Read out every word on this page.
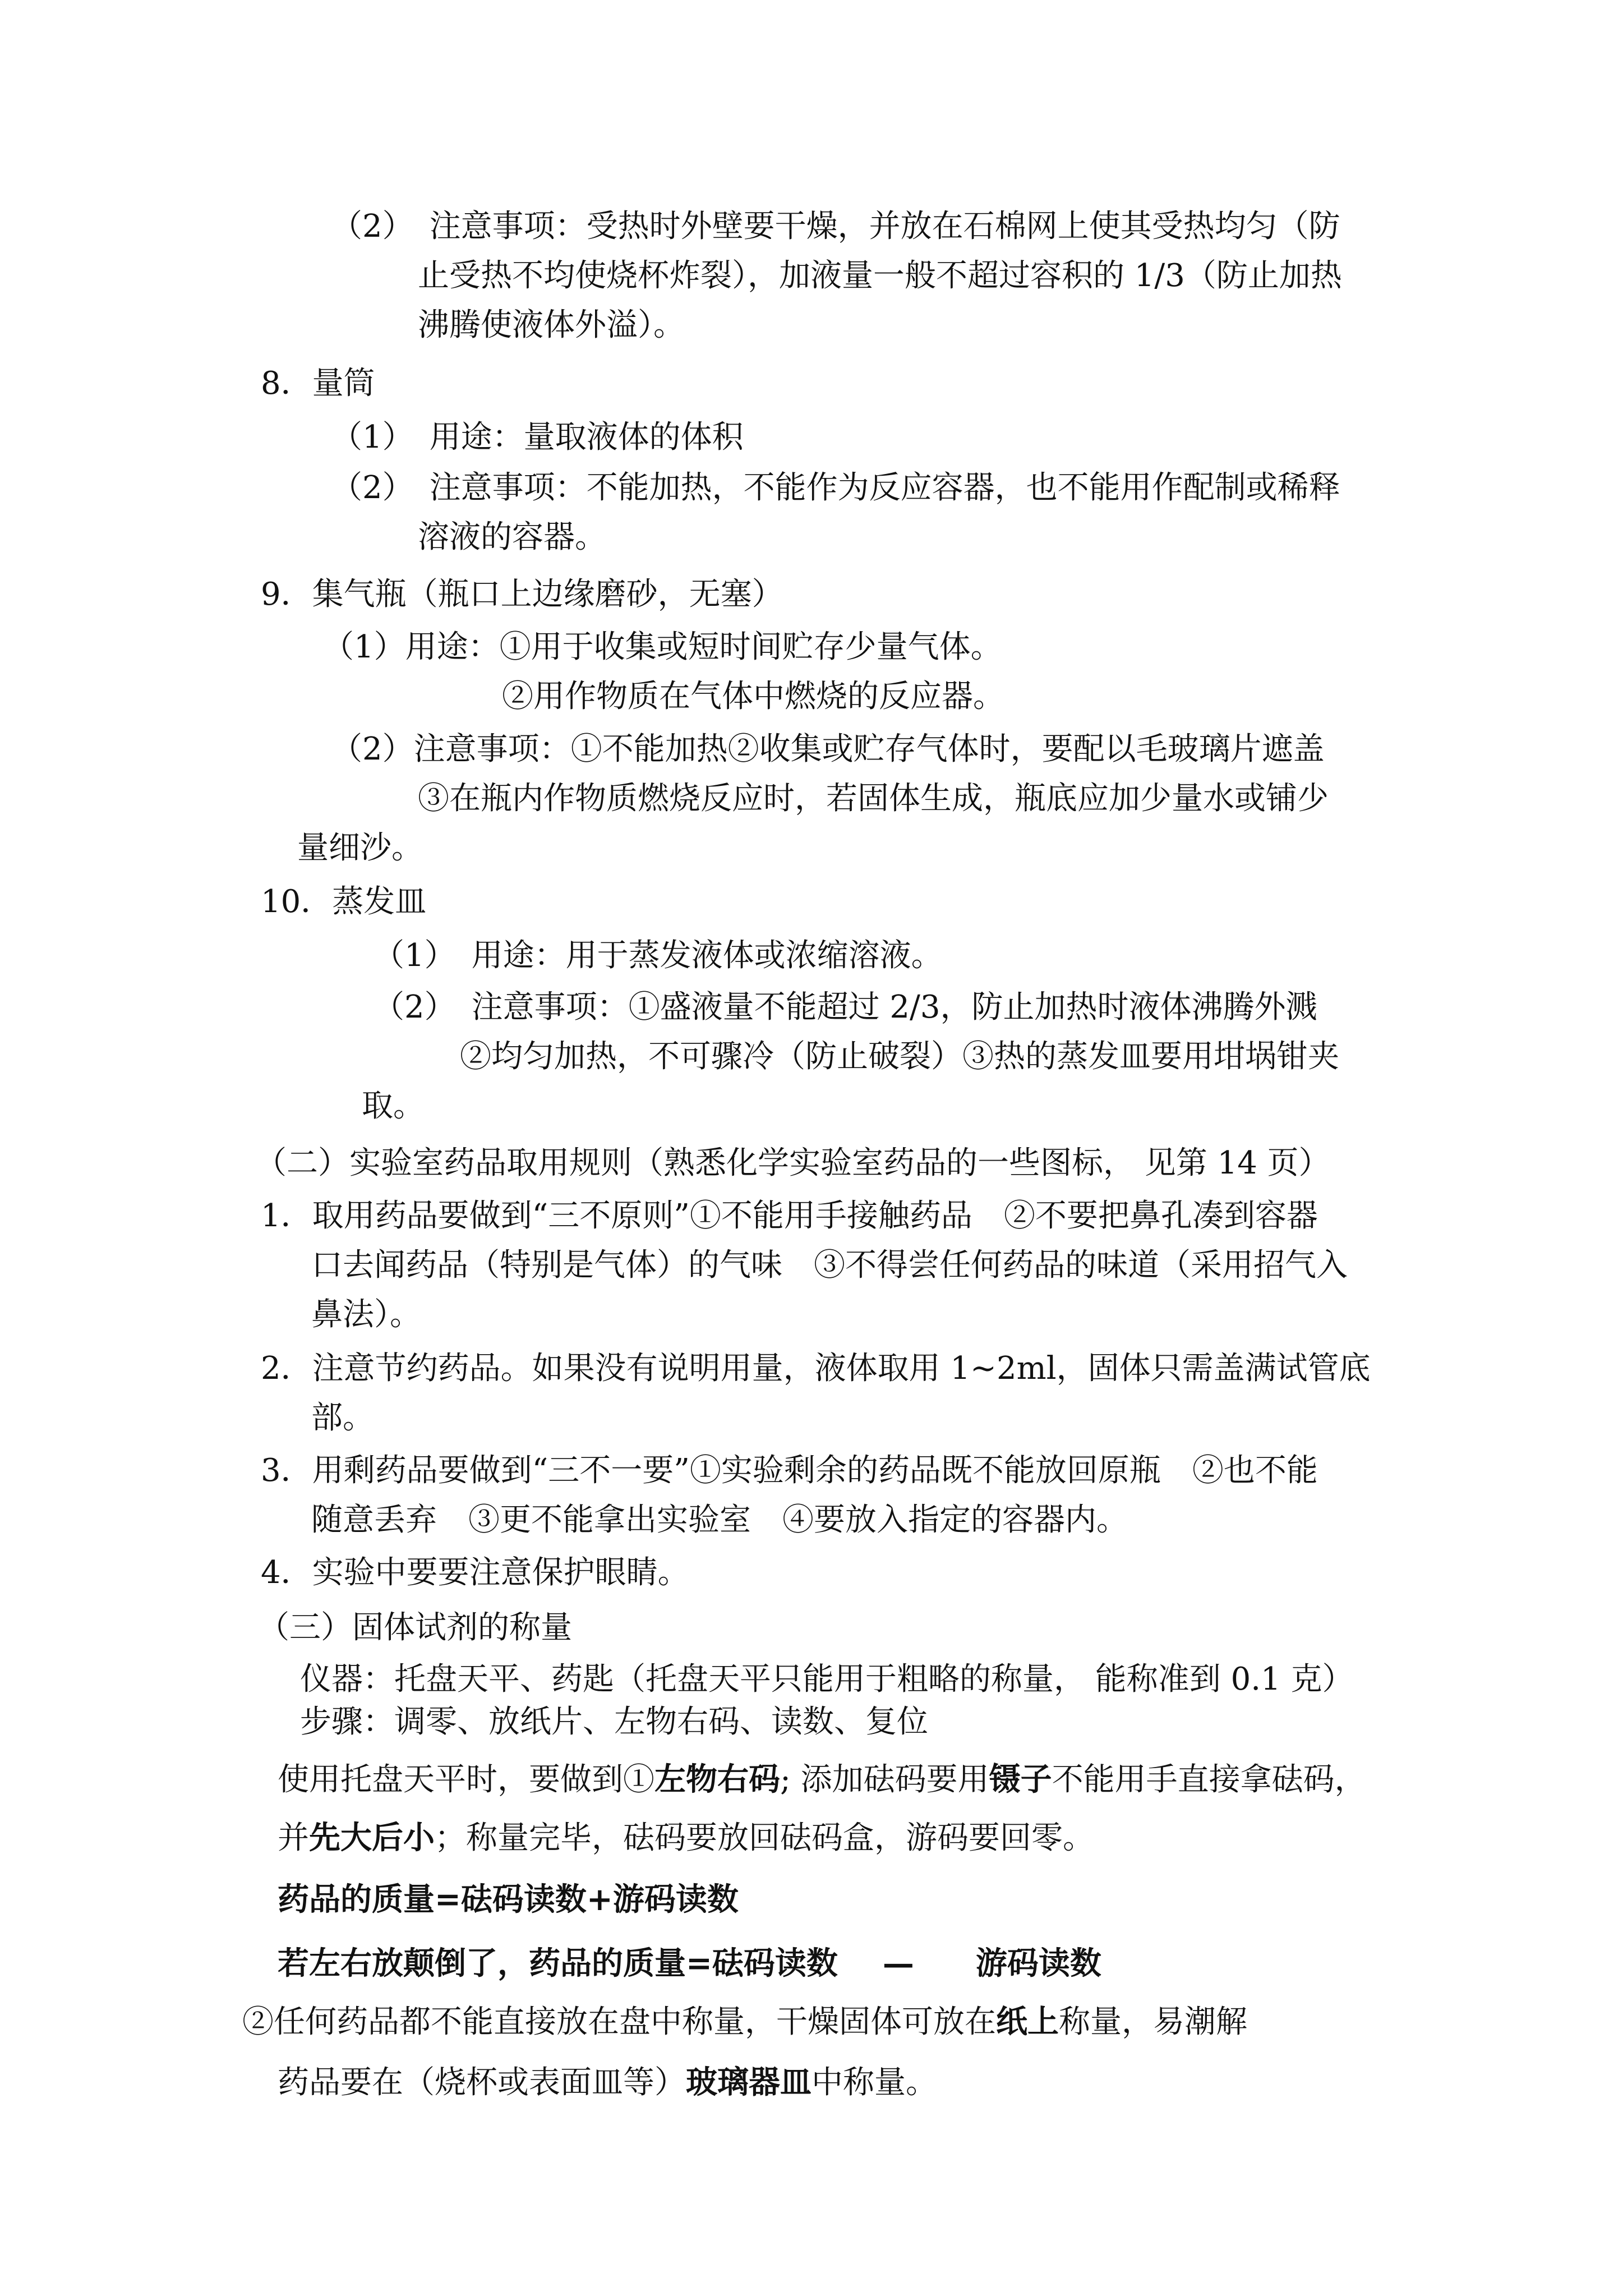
（2）　注意事项：受热时外壁要干燥，并放在石棉网上使其受热均匀（防
止受热不均使烧杯炸裂），加液量一般不超过容积的 1/3（防止加热
沸腾使液体外溢）。
8．量筒
（1）　用途：量取液体的体积
（2）　注意事项：不能加热，不能作为反应容器，也不能用作配制或稀释
溶液的容器。
9．集气瓶（瓶口上边缘磨砂，无塞）
（1）用途：①用于收集或短时间贮存少量气体。
②用作物质在气体中燃烧的反应器。
（2）注意事项：①不能加热②收集或贮存气体时，要配以毛玻璃片遮盖
③在瓶内作物质燃烧反应时，若固体生成，瓶底应加少量水或铺少
量细沙。
10．蒸发皿
（1）　用途：用于蒸发液体或浓缩溶液。
（2）　注意事项：①盛液量不能超过 2/3，防止加热时液体沸腾外溅
②均匀加热，不可骤冷（防止破裂）③热的蒸发皿要用坩埚钳夹
取。
（二）实验室药品取用规则（熟悉化学实验室药品的一些图标， 见第 14 页）
1．取用药品要做到“三不原则”①不能用手接触药品　②不要把鼻孔凑到容器
口去闻药品（特别是气体）的气味　③不得尝任何药品的味道（采用招气入
鼻法）。
2．注意节约药品。如果没有说明用量，液体取用 1~2ml，固体只需盖满试管底
部。
3．用剩药品要做到“三不一要”①实验剩余的药品既不能放回原瓶　②也不能
随意丢弃　③更不能拿出实验室　④要放入指定的容器内。
4．实验中要要注意保护眼睛。
（三）固体试剂的称量
仪器：托盘天平、药匙（托盘天平只能用于粗略的称量， 能称准到 0.1 克）
步骤：调零、放纸片、左物右码、读数、复位
使用托盘天平时，要做到①左物右码; 添加砝码要用镊子不能用手直接拿砝码，
并先大后小；称量完毕，砝码要放回砝码盒，游码要回零。
药品的质量=砝码读数+游码读数
若左右放颠倒了，药品的质量=砝码读数 — 游码读数
②任何药品都不能直接放在盘中称量，干燥固体可放在纸上称量，易潮解
药品要在（烧杯或表面皿等）玻璃器皿中称量。
